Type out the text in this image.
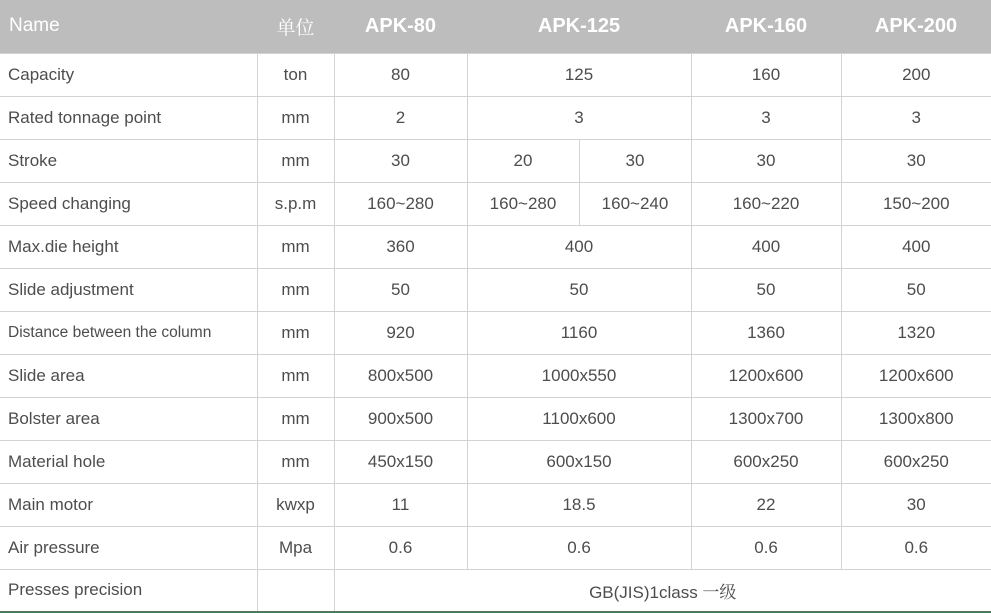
Name	单位	APK-80	APK-125		APK-160	APK-200
Capacity	ton	80	125		160	200
Rated tonnage point	mm	2	3		3	3
Stroke	mm	30	20	30	30	30
Speed changing	s.p.m	160~280	160~280	160~240	160~220	150~200
Max.die height	mm	360	400		400	400
Slide adjustment	mm	50	50		50	50
Distance between the column	mm	920	1160		1360	1320
Slide area	mm	800x500	1000x550		1200x600	1200x600
Bolster area	mm	900x500	1100x600		1300x700	1300x800
Material hole	mm	450x150	600x150		600x250	600x250
Main motor	kwxp	11	18.5		22	30
Air pressure	Mpa	0.6	0.6		0.6	0.6
Presses precision		GB(JIS)1class 一级				
